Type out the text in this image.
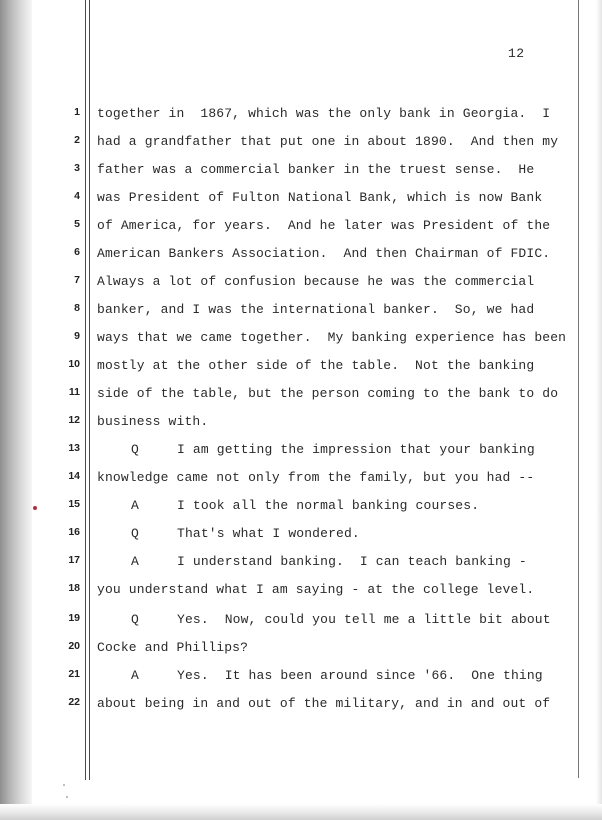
12
1 together in  1867, which was the only bank in Georgia.  I
2 had a grandfather that put one in about 1890.  And then my
3 father was a commercial banker in the truest sense.  He
4 was President of Fulton National Bank, which is now Bank
5 of America, for years.  And he later was President of the
6 American Bankers Association.  And then Chairman of FDIC.
7 Always a lot of confusion because he was the commercial
8 banker, and I was the international banker.  So, we had
9 ways that we came together.  My banking experience has been
10 mostly at the other side of the table.  Not the banking
11 side of the table, but the person coming to the bank to do
12 business with.
13	Q	I am getting the impression that your banking
14 knowledge came not only from the family, but you had --
15	A	I took all the normal banking courses.
16	Q	That's what I wondered.
17	A	I understand banking.  I can teach banking -
18 you understand what I am saying - at the college level.
19	Q	Yes.  Now, could you tell me a little bit about
20 Cocke and Phillips?
21	A	Yes.  It has been around since '66.  One thing
22 about being in and out of the military, and in and out of
